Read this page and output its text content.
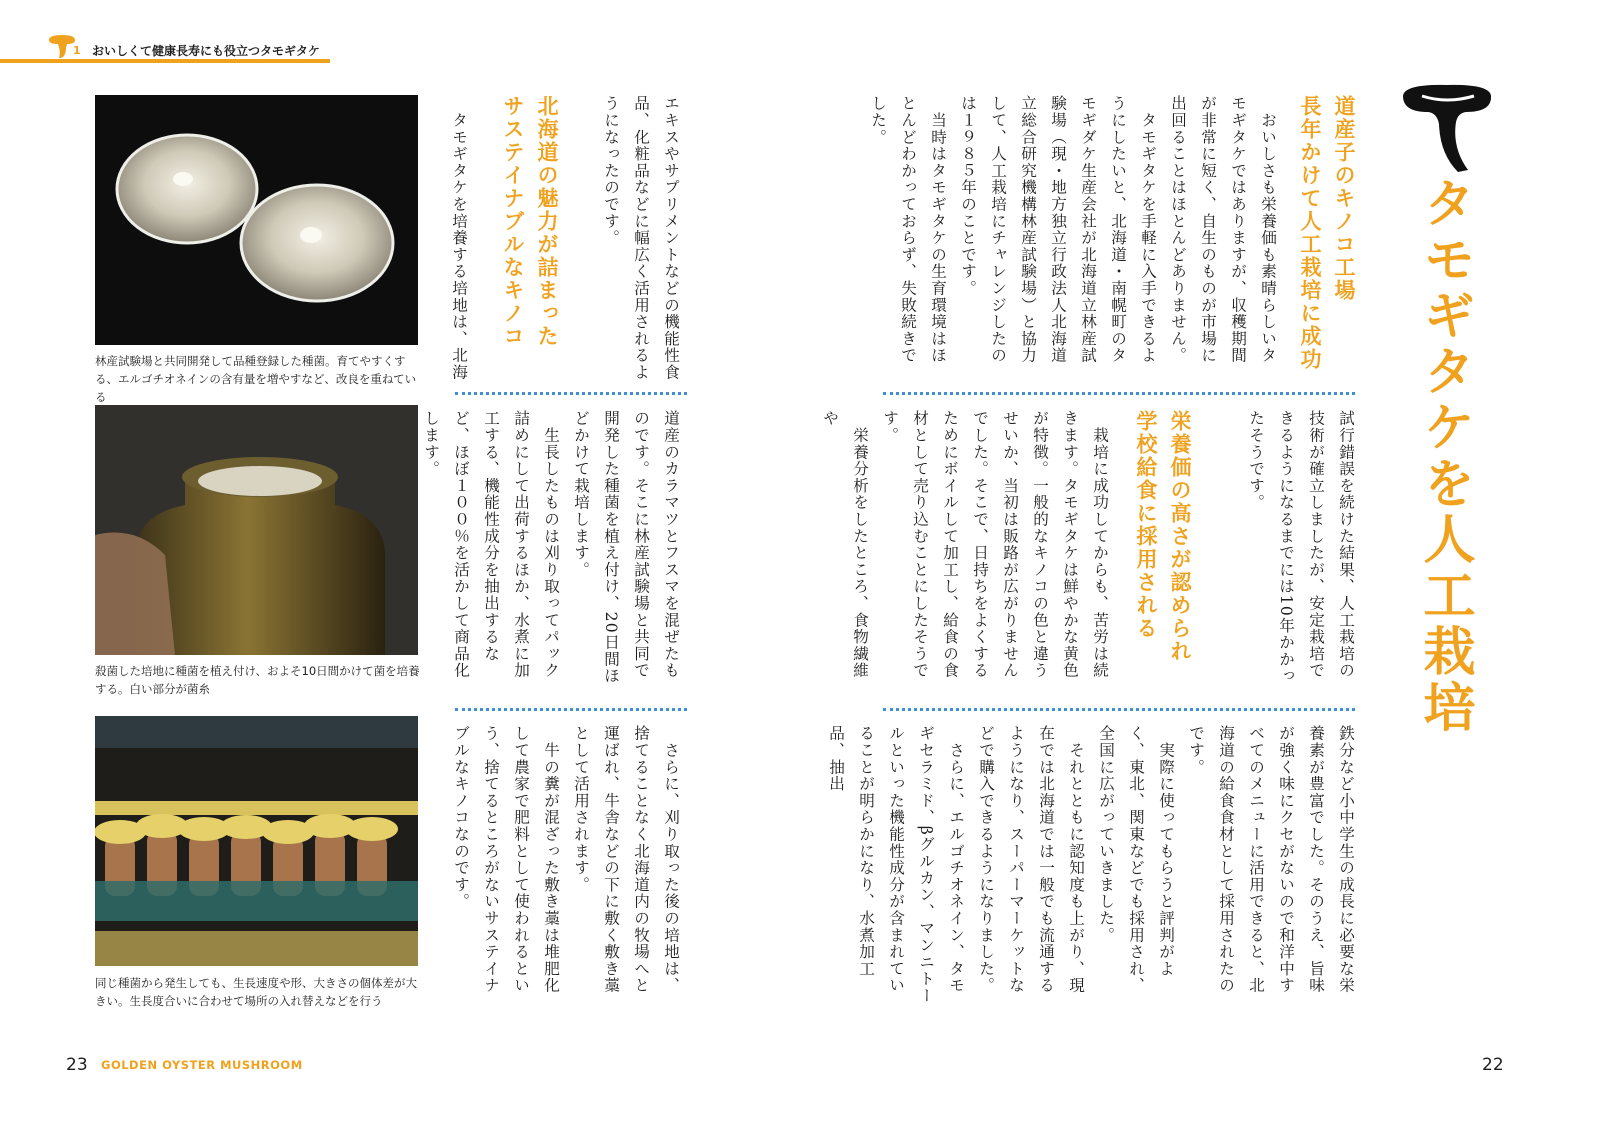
1 おいしくて健康長寿にも役立つタモギタケ
林産試験場と共同開発して品種登録した種菌。育てやすくする、エルゴチオネインの含有量を増やすなど、改良を重ねている
殺菌した培地に種菌を植え付け、およそ10日間かけて菌を培養する。白い部分が菌糸
同じ種菌から発生しても、生長速度や形、大きさの個体差が大きい。生長度合いに合わせて場所の入れ替えなどを行う
エキスやサプリメントなどの機能性食品、化粧品などに幅広く活用されるようになったのです。
北海道の魅力が詰まった
サステイナブルなキノコ
　タモギタケを培養する培地は、北海
道産のカラマツとフスマを混ぜたものです。そこに林産試験場と共同で開発した種菌を植え付け、20日間ほどかけて栽培します。
　生長したものは刈り取ってパック詰めにして出荷するほか、水煮に加工する、機能性成分を抽出するなど、ほぼ１００％を活かして商品化します。
　さらに、刈り取った後の培地は、捨てることなく北海道内の牧場へと運ばれ、牛舎などの下に敷く敷き藁として活用されます。
　牛の糞が混ざった敷き藁は堆肥化して農家で肥料として使われるという、捨てるところがないサステイナブルなキノコなのです。
タモギタケを人工栽培
道産子のキノコ工場
長年かけて人工栽培に成功
　おいしさも栄養価も素晴らしいタモギタケではありますが、収穫期間が非常に短く、自生のものが市場に出回ることはほとんどありません。
　タモギタケを手軽に入手できるようにしたいと、北海道・南幌町のタモギダケ生産会社が北海道立林産試験場（現・地方独立行政法人北海道立総合研究機構林産試験場）と協力して、人工栽培にチャレンジしたのは１９８５年のことです。
　当時はタモギタケの生育環境はほとんどわかっておらず、失敗続きでした。
試行錯誤を続けた結果、人工栽培の技術が確立しましたが、安定栽培できるようになるまでには10年かかったそうです。
栄養価の高さが認められ
学校給食に採用される
　栽培に成功してからも、苦労は続きます。タモギタケは鮮やかな黄色が特徴。一般的なキノコの色と違うせいか、当初は販路が広がりませんでした。そこで、日持ちをよくするためにボイルして加工し、給食の食材として売り込むことにしたそうです。
　栄養分析をしたところ、食物繊維や
鉄分など小中学生の成長に必要な栄養素が豊富でした。そのうえ、旨味が強く味にクセがないので和洋中すべてのメニューに活用できると、北海道の給食食材として採用されたのです。
　実際に使ってもらうと評判がよく、東北、関東などでも採用され、全国に広がっていきました。
　それとともに認知度も上がり、現在では北海道では一般でも流通するようになり、スーパーマーケットなどで購入できるようになりました。
　さらに、エルゴチオネイン、タモギセラミド、βグルカン、マンニトールといった機能性成分が含まれていることが明らかになり、水煮加工品、抽出
23 GOLDEN OYSTER MUSHROOM	22
